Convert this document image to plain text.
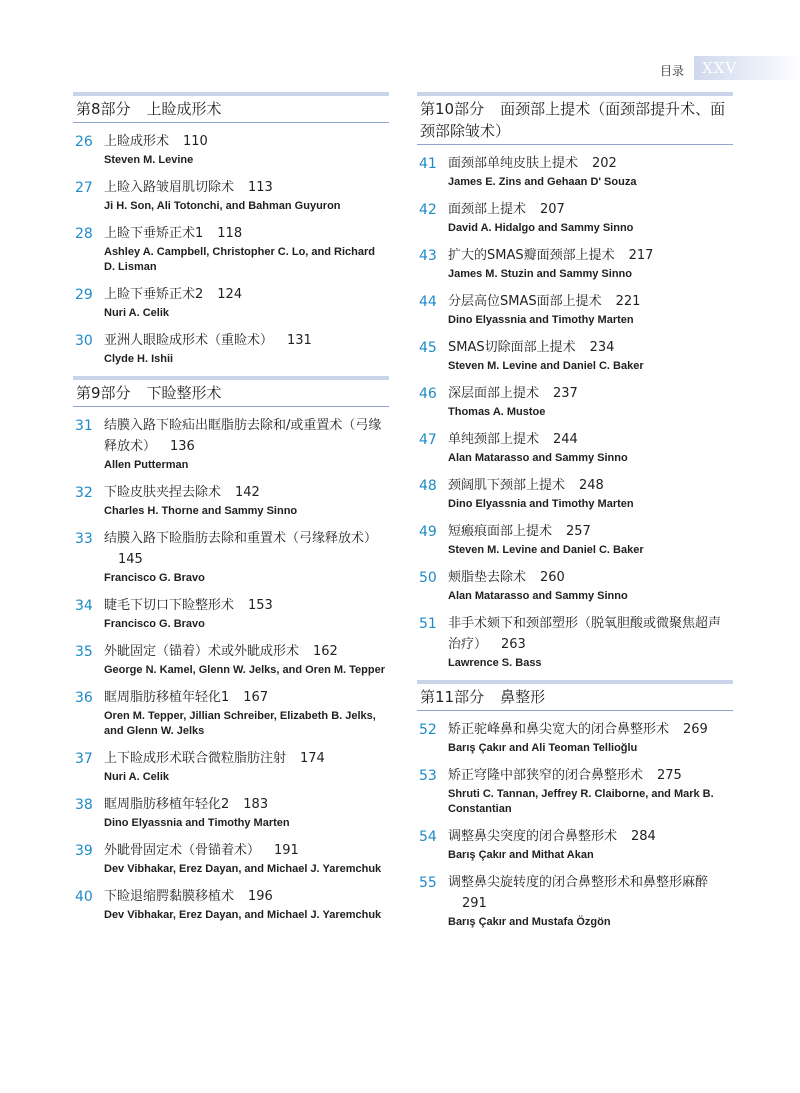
目录 XXV
第8部分 上睑成形术
26 上睑成形术 110
Steven M. Levine
27 上睑入路皱眉肌切除术 113
Ji H. Son, Ali Totonchi, and Bahman Guyuron
28 上睑下垂矫正术1 118
Ashley A. Campbell, Christopher C. Lo, and Richard D. Lisman
29 上睑下垂矫正术2 124
Nuri A. Celik
30 亚洲人眼睑成形术（重睑术） 131
Clyde H. Ishii
第9部分 下睑整形术
31 结膜入路下睑疝出眶脂肪去除和/或重置术（弓缘释放术） 136
Allen Putterman
32 下睑皮肤夹捏去除术 142
Charles H. Thorne and Sammy Sinno
33 结膜入路下睑脂肪去除和重置术（弓缘释放术）145
Francisco G. Bravo
34 睫毛下切口下睑整形术 153
Francisco G. Bravo
35 外眦固定（锚着）术或外眦成形术 162
George N. Kamel, Glenn W. Jelks, and Oren M. Tepper
36 眶周脂肪移植年轻化1 167
Oren M. Tepper, Jillian Schreiber, Elizabeth B. Jelks, and Glenn W. Jelks
37 上下睑成形术联合微粒脂肪注射 174
Nuri A. Celik
38 眶周脂肪移植年轻化2 183
Dino Elyassnia and Timothy Marten
39 外眦骨固定术（骨锚着术） 191
Dev Vibhakar, Erez Dayan, and Michael J. Yaremchuk
40 下睑退缩腭黏膜移植术 196
Dev Vibhakar, Erez Dayan, and Michael J. Yaremchuk
第10部分 面颈部上提术（面颈部提升术、面颈部除皱术）
41 面颈部单纯皮肤上提术 202
James E. Zins and Gehaan D' Souza
42 面颈部上提术 207
David A. Hidalgo and Sammy Sinno
43 扩大的SMAS瓣面颈部上提术 217
James M. Stuzin and Sammy Sinno
44 分层高位SMAS面部上提术 221
Dino Elyassnia and Timothy Marten
45 SMAS切除面部上提术 234
Steven M. Levine and Daniel C. Baker
46 深层面部上提术 237
Thomas A. Mustoe
47 单纯颈部上提术 244
Alan Matarasso and Sammy Sinno
48 颈阔肌下颈部上提术 248
Dino Elyassnia and Timothy Marten
49 短瘢痕面部上提术 257
Steven M. Levine and Daniel C. Baker
50 颊脂垫去除术 260
Alan Matarasso and Sammy Sinno
51 非手术颏下和颈部塑形（脱氧胆酸或微聚焦超声治疗） 263
Lawrence S. Bass
第11部分 鼻整形
52 矫正驼峰鼻和鼻尖宽大的闭合鼻整形术 269
Barış Çakır and Ali Teoman Tellioğlu
53 矫正穹隆中部狭窄的闭合鼻整形术 275
Shruti C. Tannan, Jeffrey R. Claiborne, and Mark B. Constantian
54 调整鼻尖突度的闭合鼻整形术 284
Barış Çakır and Mithat Akan
55 调整鼻尖旋转度的闭合鼻整形术和鼻整形麻醉291
Barış Çakır and Mustafa Özgön
